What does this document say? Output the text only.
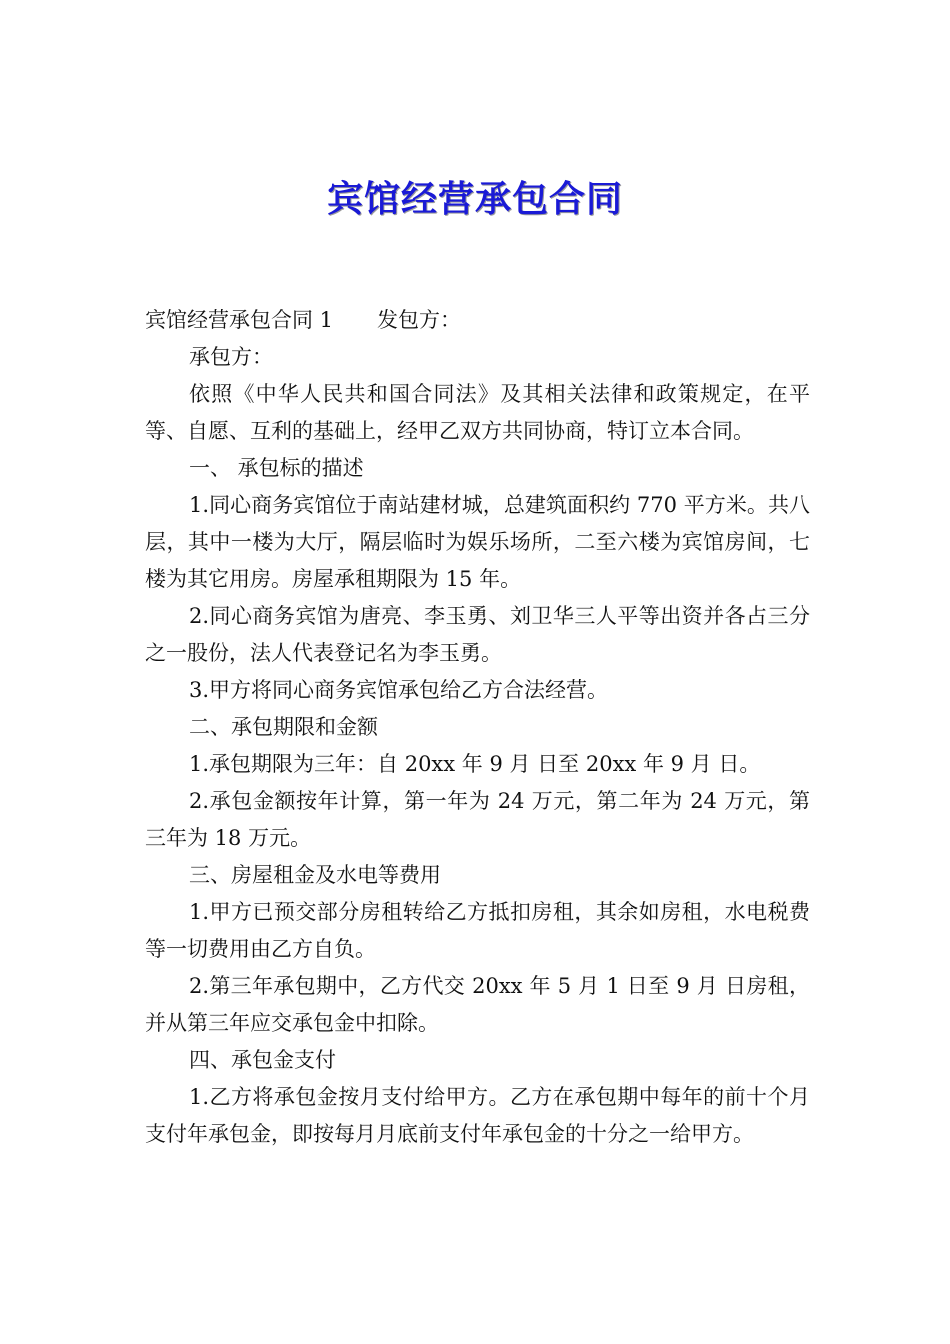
宾馆经营承包合同

宾馆经营承包合同 1 发包方：

承包方：

依照《中华人民共和国合同法》及其相关法律和政策规定，在平等、自愿、互利的基础上，经甲乙双方共同协商，特订立本合同。

一、 承包标的描述

1.同心商务宾馆位于南站建材城，总建筑面积约 770 平方米。共八层，其中一楼为大厅，隔层临时为娱乐场所，二至六楼为宾馆房间，七楼为其它用房。房屋承租期限为 15 年。

2.同心商务宾馆为唐亮、李玉勇、刘卫华三人平等出资并各占三分之一股份，法人代表登记名为李玉勇。

3.甲方将同心商务宾馆承包给乙方合法经营。

二、承包期限和金额

1.承包期限为三年：自 20xx 年 9 月 日至 20xx 年 9 月 日。

2.承包金额按年计算，第一年为 24 万元，第二年为 24 万元，第三年为 18 万元。

三、房屋租金及水电等费用

1.甲方已预交部分房租转给乙方抵扣房租，其余如房租，水电税费等一切费用由乙方自负。

2.第三年承包期中，乙方代交 20xx 年 5 月 1 日至 9 月 日房租，并从第三年应交承包金中扣除。

四、承包金支付

1.乙方将承包金按月支付给甲方。乙方在承包期中每年的前十个月支付年承包金，即按每月月底前支付年承包金的十分之一给甲方。
